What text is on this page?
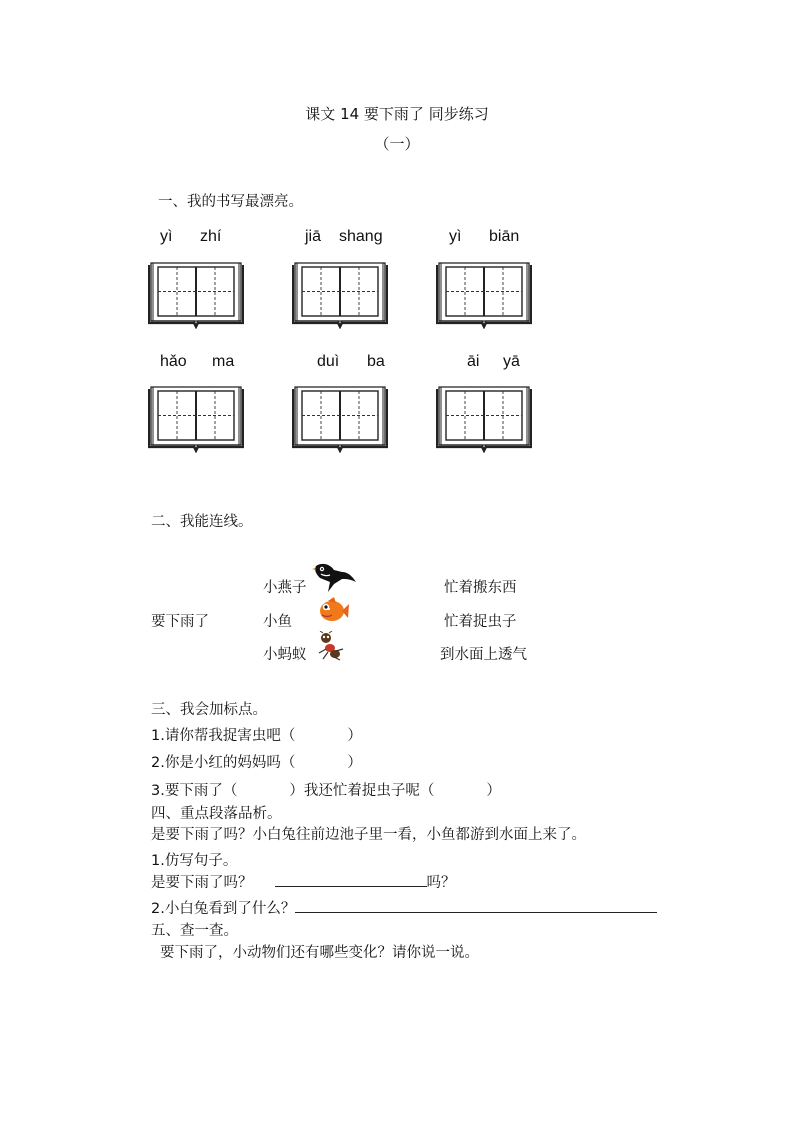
课文 14 要下雨了 同步练习
（一）
一、我的书写最漂亮。
yì zhí	jiā shang	yì biān
hǎo ma	duì ba	āi yā
二、我能连线。
要下雨了
小燕子
小鱼
小蚂蚁
忙着搬东西
忙着捉虫子
到水面上透气
三、我会加标点。
1.请你帮我捉害虫吧（	）
2.你是小红的妈妈吗（	）
3.要下雨了（	）我还忙着捉虫子呢（	）
四、重点段落品析。
是要下雨了吗？小白兔往前边池子里一看，小鱼都游到水面上来了。
1.仿写句子。
是要下雨了吗？	吗？
2.小白兔看到了什么？
五、查一查。
要下雨了，小动物们还有哪些变化？请你说一说。
